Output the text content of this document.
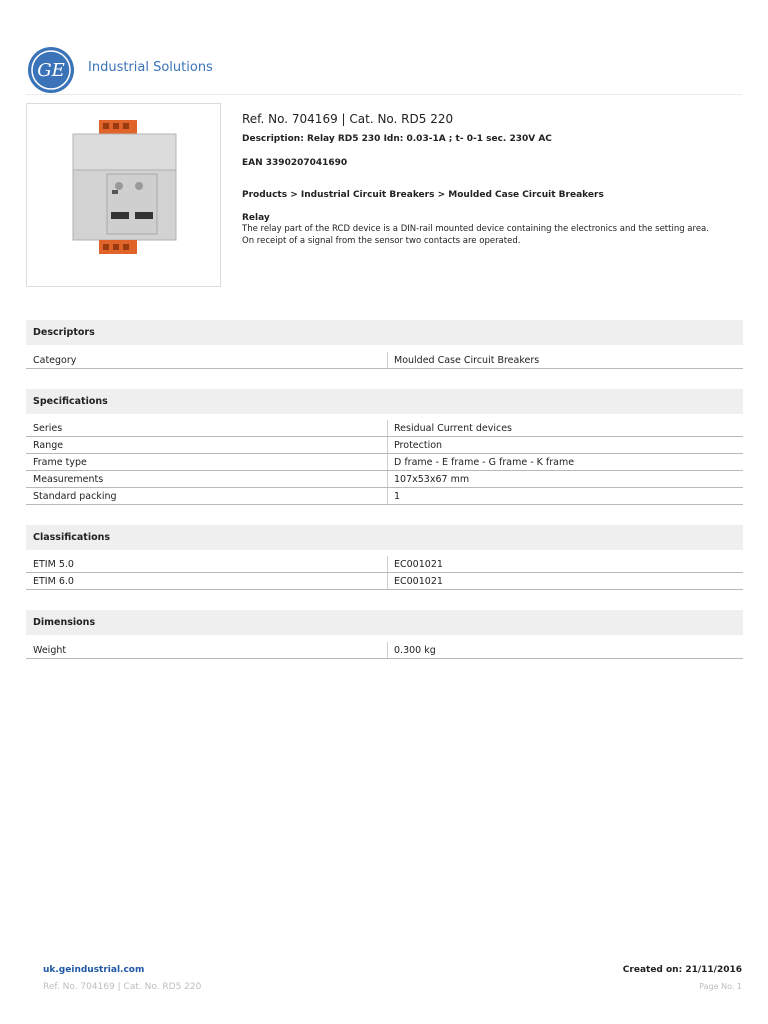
GE Industrial Solutions
Ref. No. 704169 | Cat. No. RD5 220
Description: Relay RD5 230 Idn: 0.03-1A ; t- 0-1 sec. 230V AC
EAN 3390207041690
Products > Industrial Circuit Breakers > Moulded Case Circuit Breakers
Relay
The relay part of the RCD device is a DIN-rail mounted device containing the electronics and the setting area.
On receipt of a signal from the sensor two contacts are operated.
Descriptors
Category	Moulded Case Circuit Breakers
Specifications
Series	Residual Current devices
Range	Protection
Frame type	D frame - E frame - G frame - K frame
Measurements	107x53x67 mm
Standard packing	1
Classifications
ETIM 5.0	EC001021
ETIM 6.0	EC001021
Dimensions
Weight	0.300 kg
uk.geindustrial.com
Ref. No. 704169 | Cat. No. RD5 220
Created on: 21/11/2016
Page No. 1
